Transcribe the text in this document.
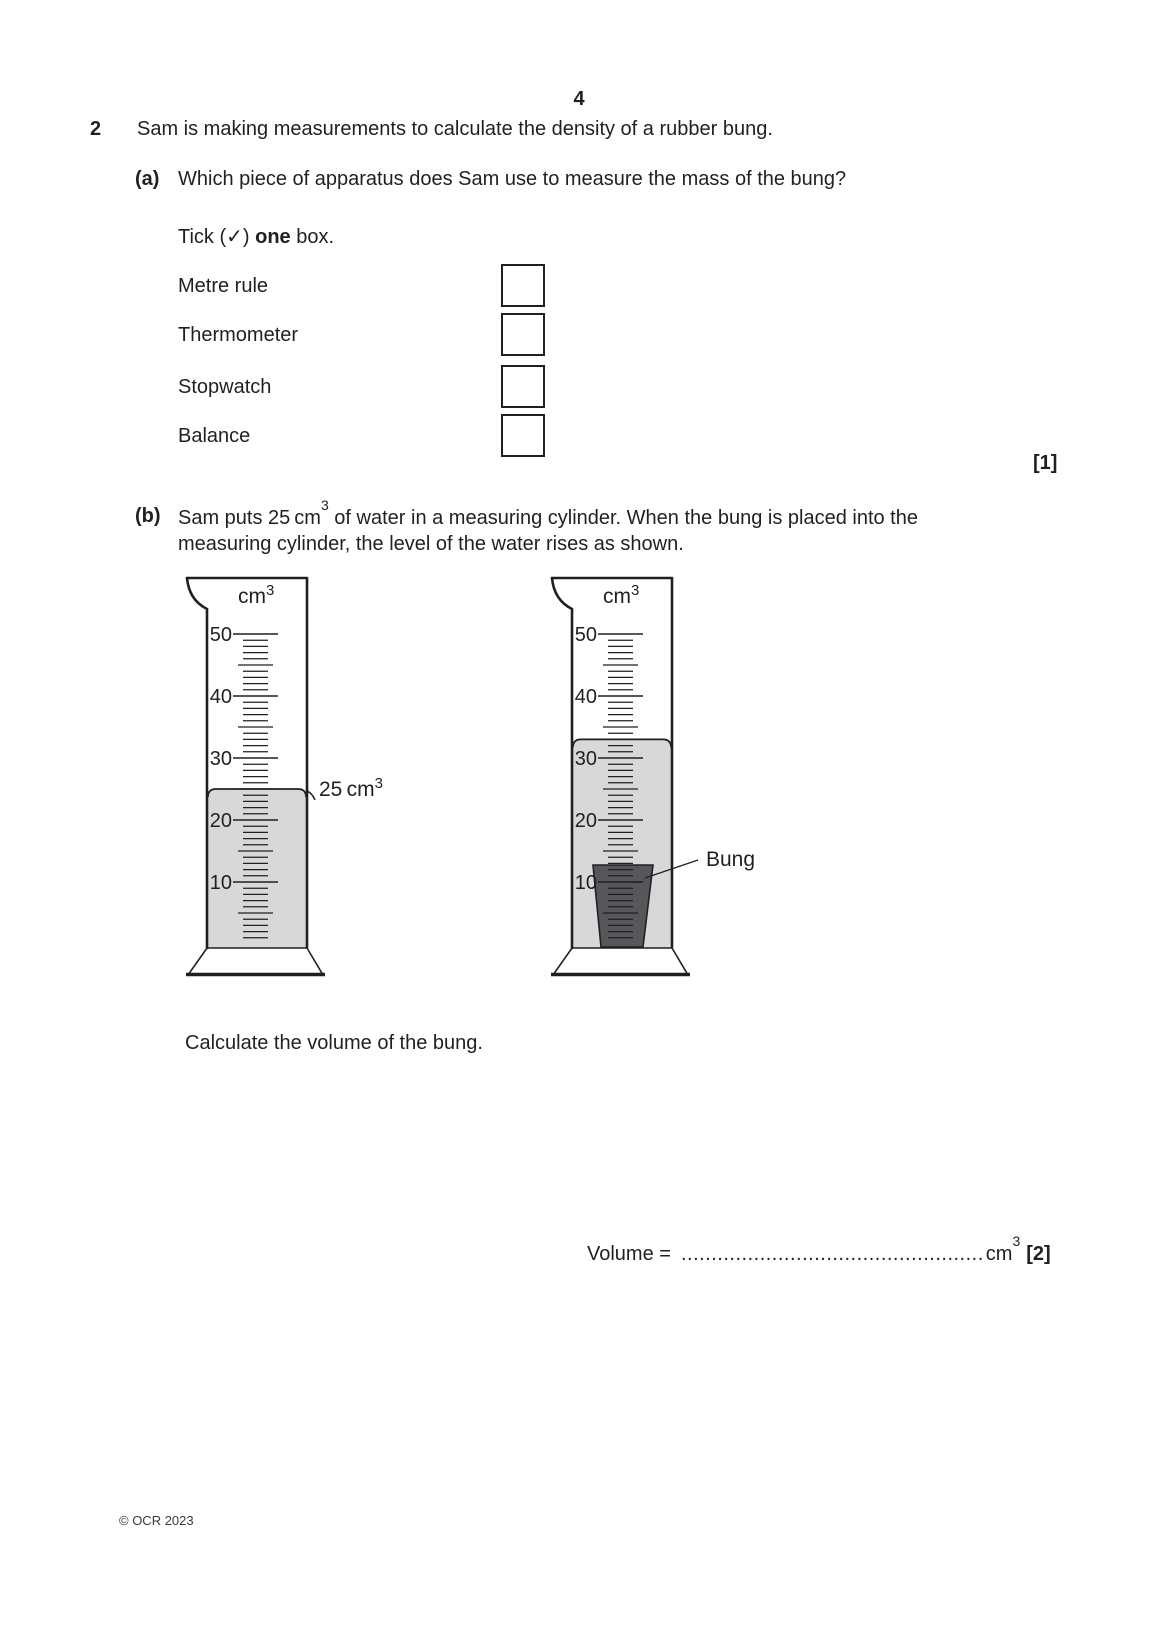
4
2 Sam is making measurements to calculate the density of a rubber bung.
(a) Which piece of apparatus does Sam use to measure the mass of the bung?
Tick (✓) one box.
Metre rule
Thermometer
Stopwatch
Balance
[1]
(b) Sam puts 25 $cm^3$ of water in a measuring cylinder. When the bung is placed into the measuring cylinder, the level of the water rises as shown.
10
20
30
40
50
25 $cm^3$
$cm^3$
10
20
30
40
50
Bung
$cm^3$
Calculate the volume of the bung.
Volume = .................................................. $cm^3[2]$
© OCR 2023
